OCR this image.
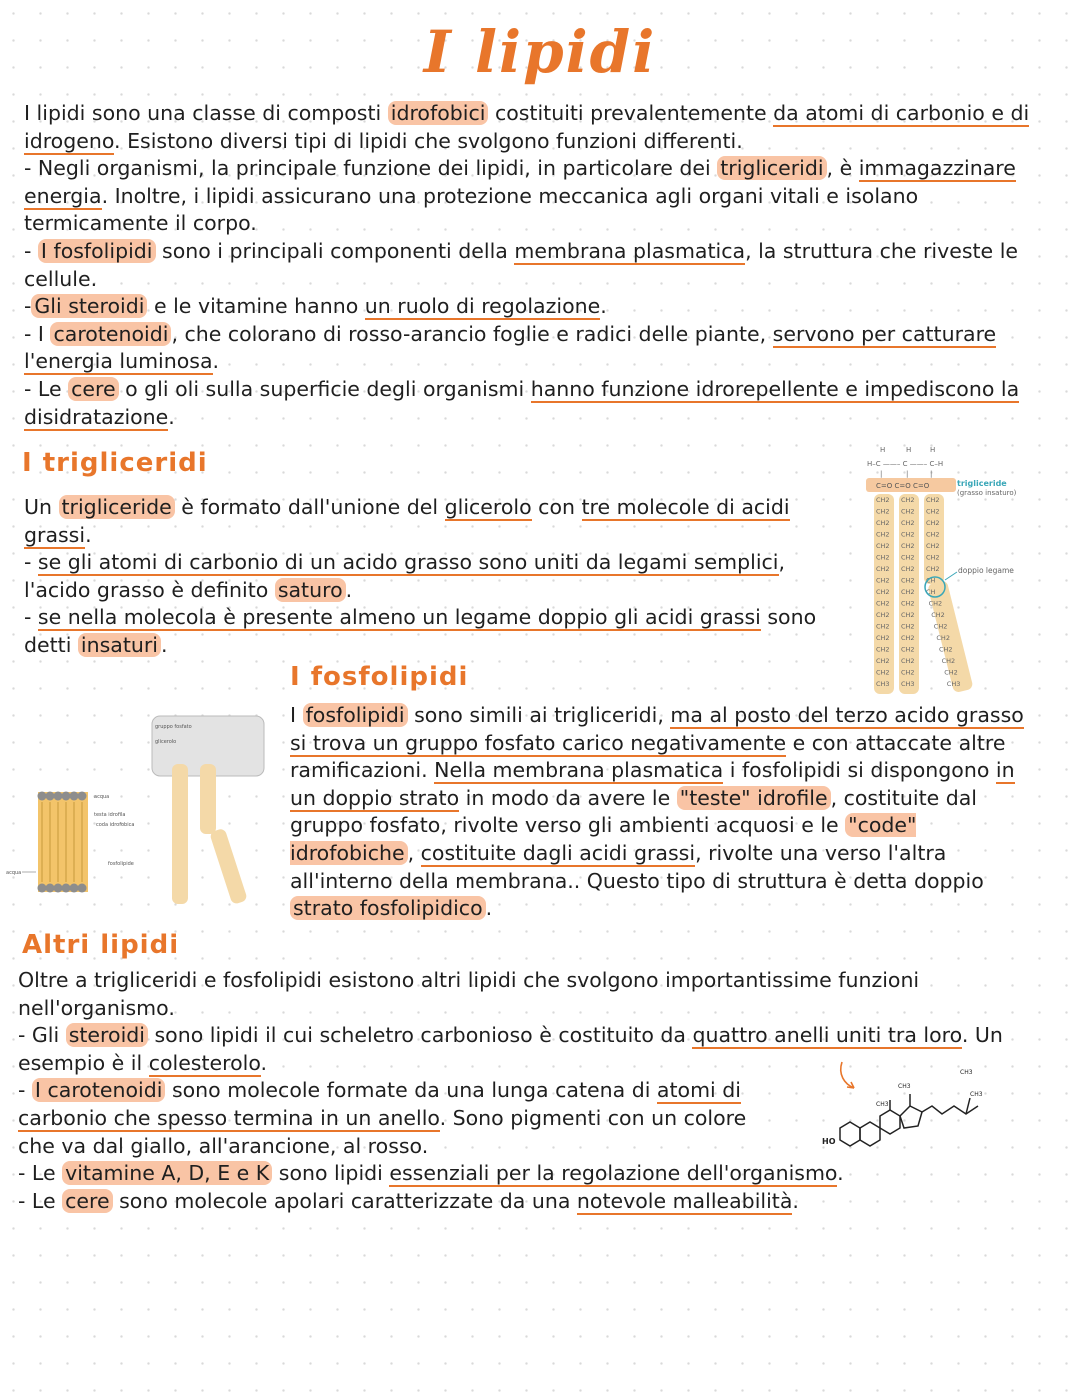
I lipidi

I lipidi sono una classe di composti idrofobici costituiti prevalentemente da atomi di carbonio e di idrogeno. Esistono diversi tipi di lipidi che svolgono funzioni differenti.

- Negli organismi, la principale funzione dei lipidi, in particolare dei trigliceridi , è immagazzinare energia. Inoltre, i lipidi assicurano una protezione meccanica agli organi vitali e isolano termicamente il corpo.

- I fosfolipidi sono i principali componenti della membrana plasmatica, la struttura che riveste le cellule.

- Gli steroidi e le vitamine hanno un ruolo di regolazione.

- I carotenoidi , che colorano di rosso-arancio foglie e radici delle piante, servono per catturare l'energia luminosa.

- Le cere o gli oli sulla superficie degli organismi hanno funzione idrorepellente e impediscono la disidratazione.

I trigliceridi

Un trigliceride è formato dall'unione del glicerolo con tre molecole di acidi grassi.

- se gli atomi di carbonio di un acido grasso sono uniti da legami semplici, l'acido grasso è definito saturo .

- se nella molecola è presente almeno un legame doppio gli acidi grassi sono detti insaturi .

H	H	H
H–C ——– C ——– C–H
|	|	|
C=O C=O C=O
CH2
CH2
CH2
CH2
CH2
CH2
CH2
CH2
CH2
CH2
CH2
CH2
CH2
CH2
CH2
CH2
CH3
CH2
CH2
CH2
CH2
CH2
CH2
CH2
CH2
CH2
CH2
CH2
CH2
CH2
CH2
CH2
CH2
CH3
CH2
CH2
CH2
CH2
CH2
CH2
CH2
CH
CH
CH2
CH2
CH2
CH2
CH2
CH2
CH2
CH3
trigliceride
(grasso insaturo)
doppio legame
I fosfolipidi

I fosfolipidi sono simili ai trigliceridi, ma al posto del terzo acido grasso si trova un gruppo fosfato carico negativamente e con attaccate altre ramificazioni. Nella membrana plasmatica i fosfolipidi si dispongono in un doppio strato in modo da avere le "teste" idrofile , costituite dal gruppo fosfato, rivolte verso gli ambienti acquosi e le "code" idrofobiche , costituite dagli acidi grassi, rivolte una verso l'altra all'interno della membrana.. Questo tipo di struttura è detta doppio strato fosfolipidico .

gruppo fosfato
glicerolo
acqua
testa idrofila
coda idrofobica
fosfolipide
acqua
Altri lipidi

Oltre a trigliceridi e fosfolipidi esistono altri lipidi che svolgono importantissime funzioni nell'organismo.

- Gli steroidi sono lipidi il cui scheletro carbonioso è costituito da quattro anelli uniti tra loro. Un esempio è il colesterolo.

- I carotenoidi sono molecole formate da una lunga catena di atomi di carbonio che spesso termina in un anello. Sono pigmenti con un colore che va dal giallo, all'arancione, al rosso.

- Le vitamine A, D, E e K sono lipidi essenziali per la regolazione dell'organismo.

- Le cere sono molecole apolari caratterizzate da una notevole malleabilità.

HO
CH3
CH3
CH3
CH3
